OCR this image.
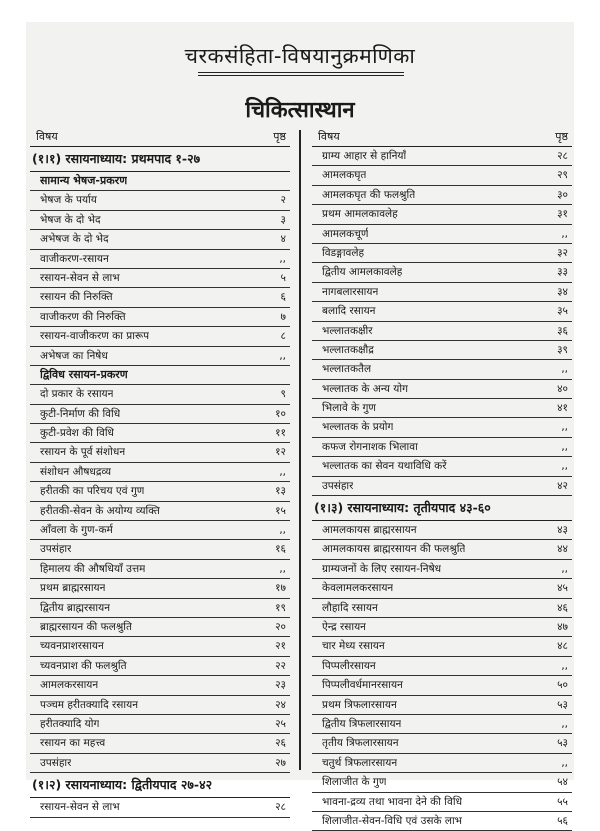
चरकसंहिता-विषयानुक्रमणिका
चिकित्सास्थान
विषय	पृष्ठ
(१।१) रसायनाध्याय: प्रथमपाद १-२७
सामान्य भेषज-प्रकरण
भेषज के पर्याय	२
भेषज के दो भेद	३
अभेषज के दो भेद	४
वाजीकरण-रसायन	,,
रसायन-सेवन से लाभ	५
रसायन की निरुक्ति	६
वाजीकरण की निरुक्ति	७
रसायन-वाजीकरण का प्रारूप	८
अभेषज का निषेध	,,
द्विविध रसायन-प्रकरण
दो प्रकार के रसायन	९
कुटी-निर्माण की विधि	१०
कुटी-प्रवेश की विधि	११
रसायन के पूर्व संशोधन	१२
संशोधन औषधद्रव्य	,,
हरीतकी का परिचय एवं गुण	१३
हरीतकी-सेवन के अयोग्य व्यक्ति	१५
आँवला के गुण-कर्म	,,
उपसंहार	१६
हिमालय की औषधियाँ उत्तम	,,
प्रथम ब्राह्मरसायन	१७
द्वितीय ब्राह्मरसायन	१९
ब्राह्मरसायन की फलश्रुति	२०
च्यवनप्राशरसायन	२१
च्यवनप्राश की फलश्रुति	२२
आमलकरसायन	२३
पञ्चम हरीतक्यादि रसायन	२४
हरीतक्यादि योग	२५
रसायन का महत्त्व	२६
उपसंहार	२७
(१।२) रसायनाध्याय: द्वितीयपाद २७-४२
रसायन-सेवन से लाभ	२८
विषय	पृष्ठ
ग्राम्य आहार से हानियाँ	२८
आमलकघृत	२९
आमलकघृत की फलश्रुति	३०
प्रथम आमलकावलेह	३१
आमलकचूर्ण	,,
विडङ्गावलेह	३२
द्वितीय आमलकावलेह	३३
नागबलारसायन	३४
बलादि रसायन	३५
भल्लातकक्षीर	३६
भल्लातकक्षौद्र	३९
भल्लातकतैल	,,
भल्लातक के अन्य योग	४०
भिलावे के गुण	४१
भल्लातक के प्रयोग	,,
कफज रोगनाशक भिलावा	,,
भल्लातक का सेवन यथाविधि करें	,,
उपसंहार	४२
(१।३) रसायनाध्याय: तृतीयपाद ४३-६०
आमलकायस ब्राह्मरसायन	४३
आमलकायस ब्राह्मरसायन की फलश्रुति	४४
ग्राम्यजनों के लिए रसायन-निषेध	,,
केवलामलकरसायन	४५
लौहादि रसायन	४६
ऐन्द्र रसायन	४७
चार मेध्य रसायन	४८
पिप्पलीरसायन	,,
पिप्पलीवर्धमानरसायन	५०
प्रथम त्रिफलारसायन	५३
द्वितीय त्रिफलारसायन	,,
तृतीय त्रिफलारसायन	५३
चतुर्थ त्रिफलारसायन	,,
शिलाजीत के गुण	५४
भावना-द्रव्य तथा भावना देने की विधि	५५
शिलाजीत-सेवन-विधि एवं उसके लाभ	५६
